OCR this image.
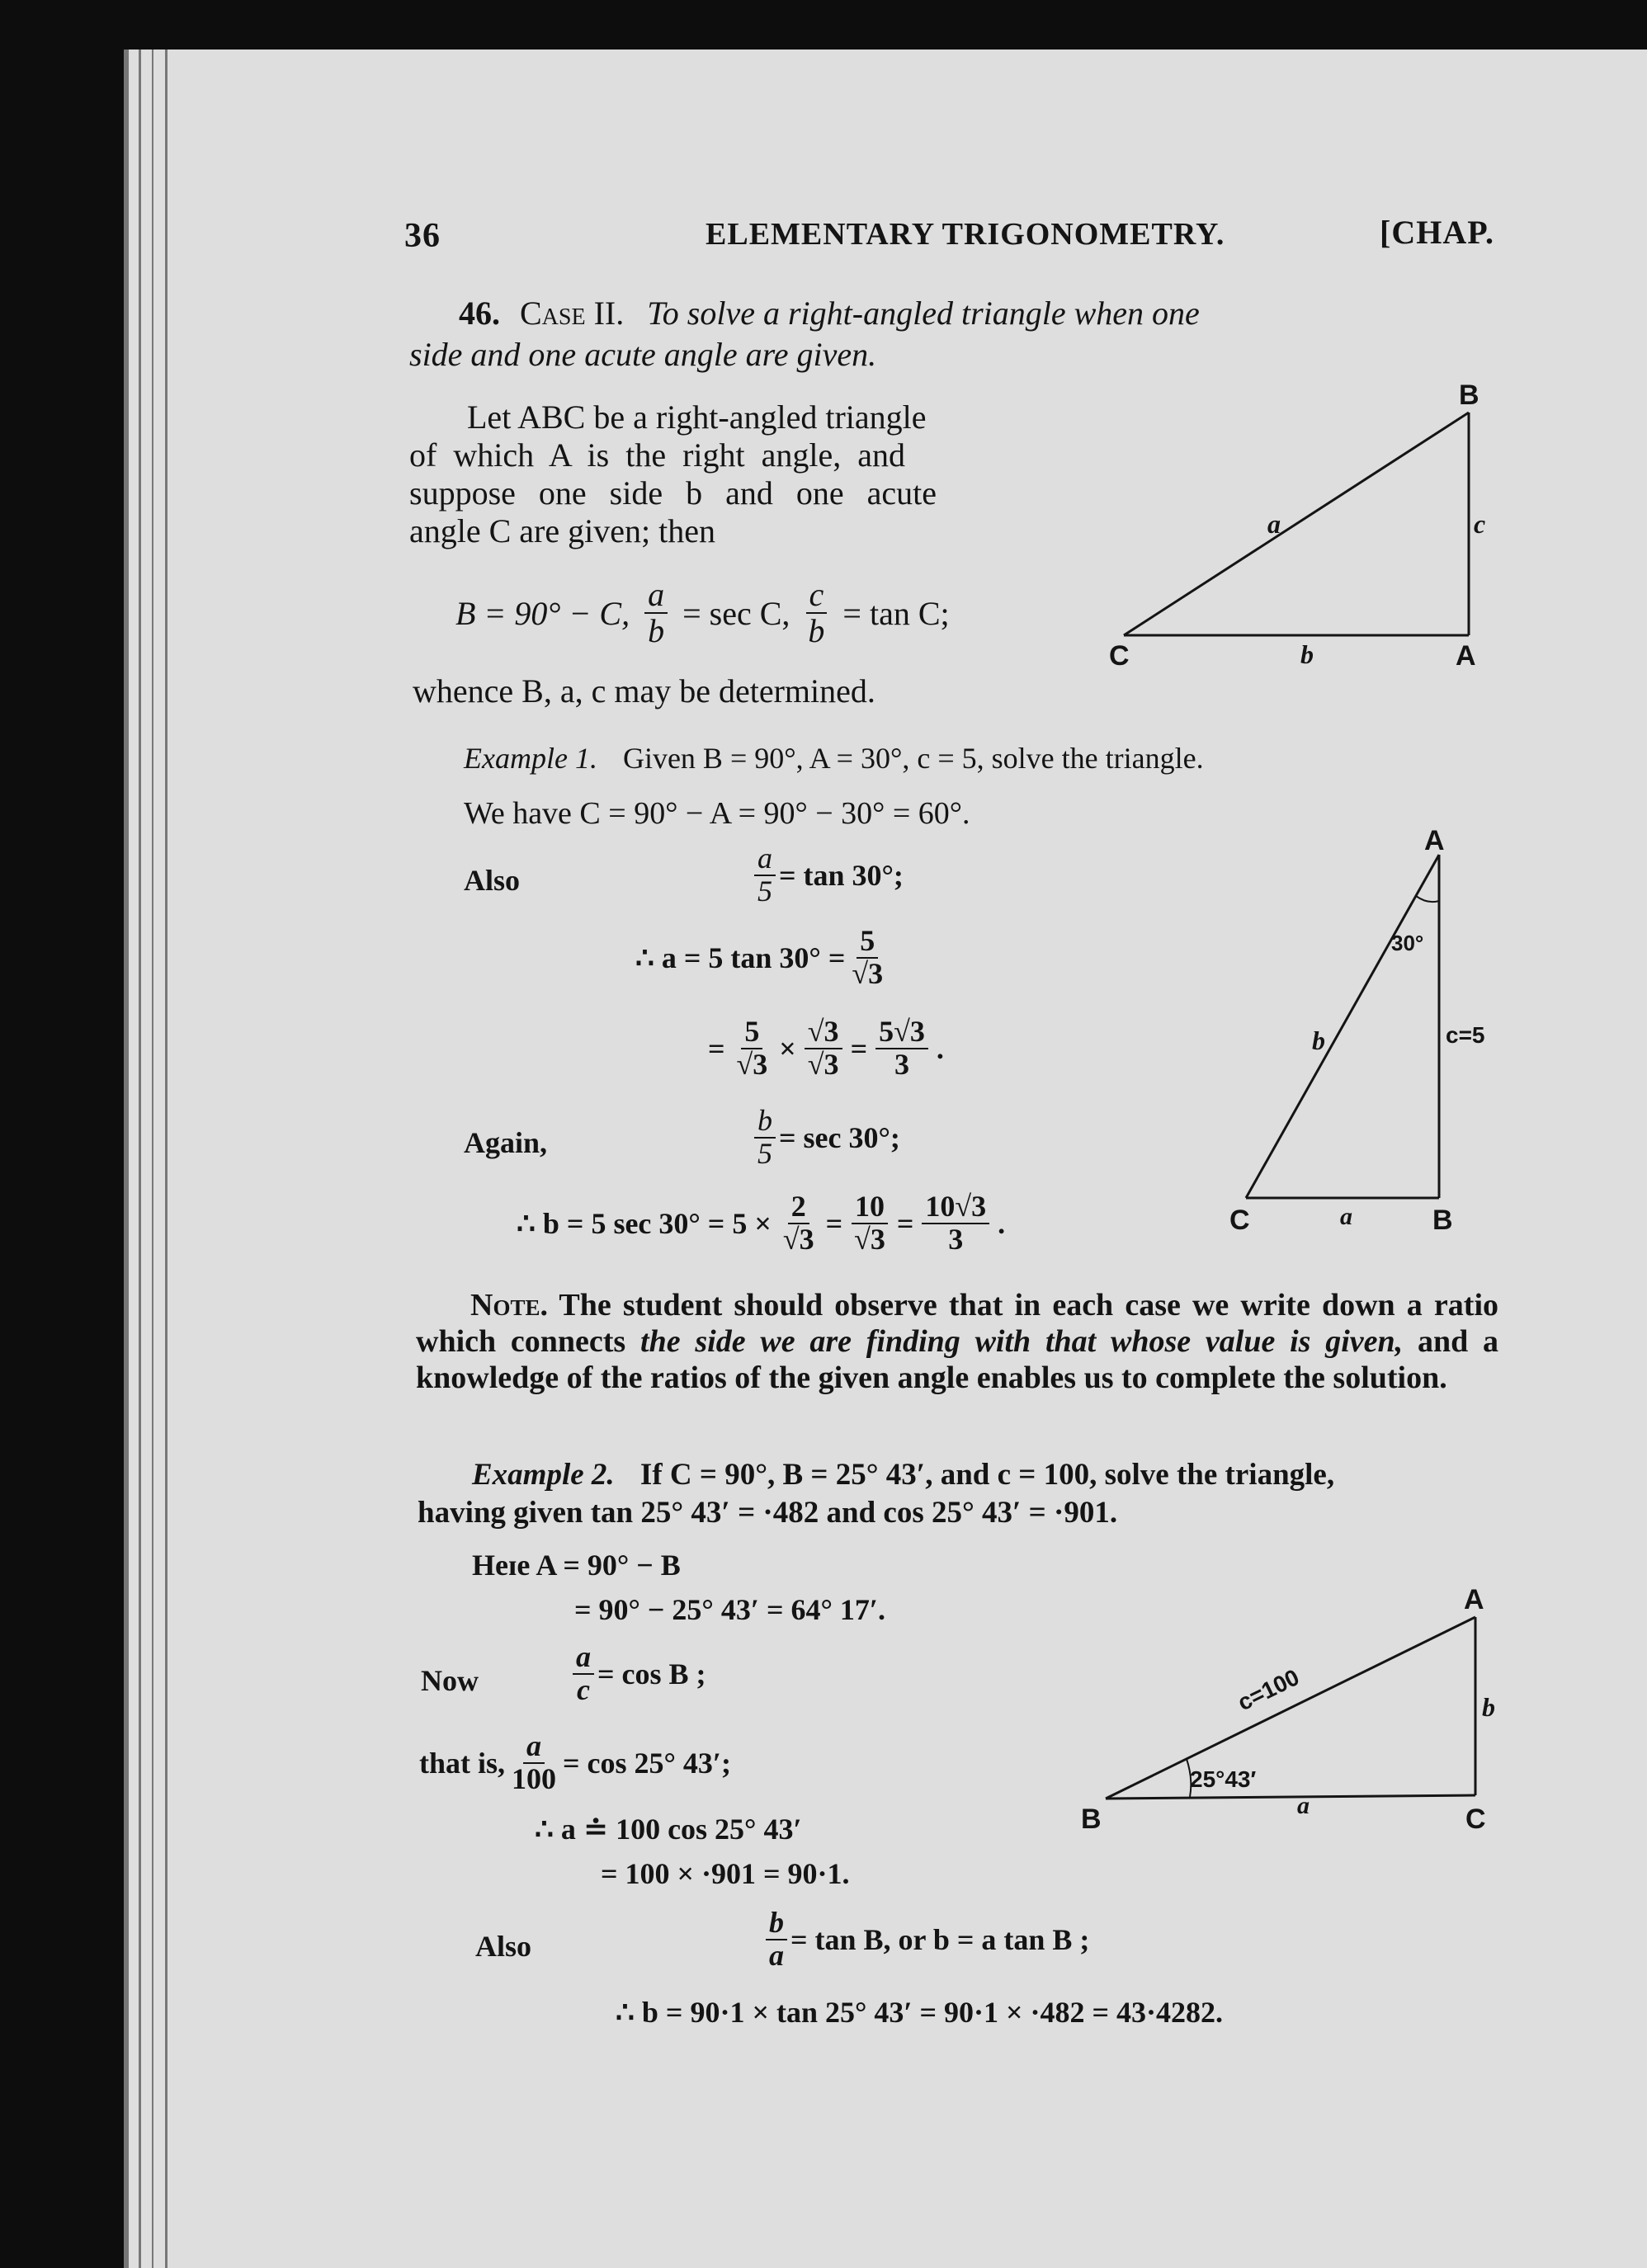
36	ELEMENTARY TRIGONOMETRY.	[CHAP.
46. Case II. To solve a right-angled triangle when one
side and one acute angle are given.
Let ABC be a right-angled triangle
of which A is the right angle, and
suppose one side b and one acute
angle C are given; then
B = 90° − C, $\frac{a}{b} = \sec C$, $\frac{c}{b} = \tan C$;
whence B, a, c may be determined.
Example 1. Given B = 90°, A = 30°, c = 5, solve the triangle.
We have C = 90° − A = 90° − 30° = 60°.
Also	$\frac{a}{5} = \tan 30^\circ$;
∴ a = 5 $\tan 30^\circ = \frac{5}{√3}$
= $\frac{5}{√3} \times \frac{√3}{√3} = \frac{5√3}{3}$ .
Again,	$\frac{b}{5} = \sec 30^\circ$;
∴ b = 5 $\sec 30^\circ = 5 \times \frac{2}{√3} = \frac{10}{√3} = \frac{10√3}{3}$ .
Note. The student should observe that in each case we write down a ratio which connects the side we are finding with that whose value is given, and a knowledge of the ratios of the given angle enables us to complete the solution.
Example 2. If C = 90°, B = 25° 43′, and c = 100, solve the triangle,
having given tan 25° 43′ = ·482 and cos 25° 43′ = ·901.
Heɪe A = 90° − B
= 90° − 25° 43′ = 64° 17′.
Now	$\frac{a}{c} = \cos B$ ;
that is, $\frac{a}{100} = \cos 25^\circ$ 43′;
∴ a ≐ 100 cos 25° 43′
= 100 × ·901 = 90·1.
Also	$\frac{b}{a} = \tan B$, or b = a tan B ;
∴ b = 90·1 × tan 25° 43′ = 90·1 × ·482 = 43·4282.
B
C	A
a	c
b
A
30°
c=5
b
C	a	B
A
b
B	C
a
25°43′
c=100
